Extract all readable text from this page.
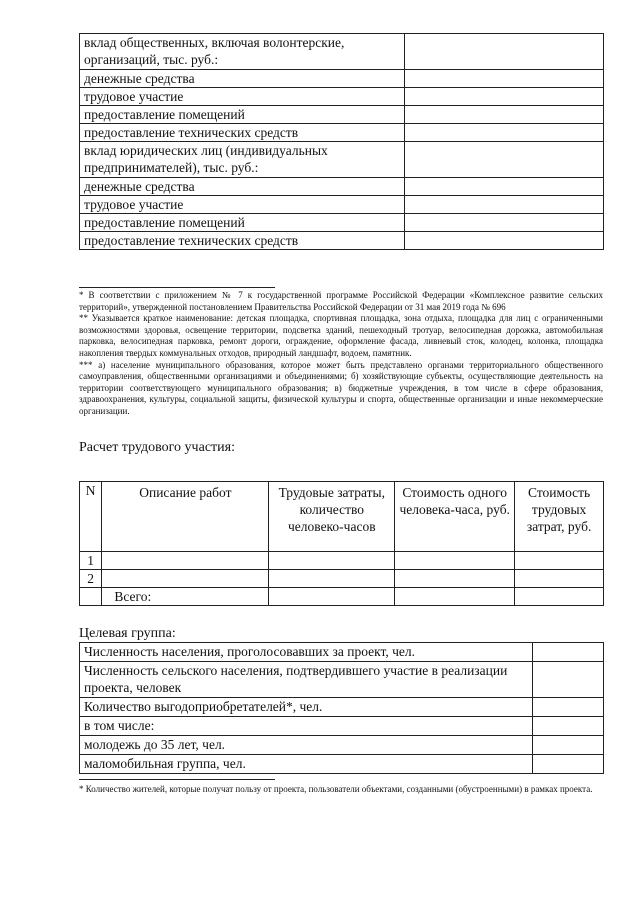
вклад общественных, включая волонтерские, организаций, тыс. руб.:	
денежные средства	
трудовое участие	
предоставление помещений	
предоставление технических средств	
вклад юридических лиц (индивидуальных предпринимателей), тыс. руб.:	
денежные средства	
трудовое участие	
предоставление помещений	
предоставление технических средств	

* В соответствии с приложением № 7 к государственной программе Российской Федерации «Комплексное развитие сельских территорий», утвержденной постановлением Правительства Российской Федерации от 31 мая 2019 года № 696

** Указывается краткое наименование: детская площадка, спортивная площадка, зона отдыха, площадка для лиц с ограниченными возможностями здоровья, освещение территории, подсветка зданий, пешеходный тротуар, велосипедная дорожка, автомобильная парковка, велосипедная парковка, ремонт дороги, ограждение, оформление фасада, ливневый сток, колодец, колонка, площадка накопления твердых коммунальных отходов, природный ландшафт, водоем, памятник.

*** а) население муниципального образования, которое может быть представлено органами территориального общественного самоуправления, общественными организациями и объединениями; б) хозяйствующие субъекты, осуществляющие деятельность на территории соответствующего муниципального образования; в) бюджетные учреждения, в том числе в сфере образования, здравоохранения, культуры, социальной защиты, физической культуры и спорта, общественные организации и иные некоммерческие организации.

Расчет трудового участия:
N	Описание работ	Трудовые затраты, количество человеко-часов	Стоимость одного человека-часа, руб.	Стоимость трудовых затрат, руб.
1				
2				
	Всего:			
Целевая группа:
Численность населения, проголосовавших за проект, чел.	
Численность сельского населения, подтвердившего участие в реализации проекта, человек	
Количество выгодоприобретателей*, чел.	
в том числе:	
молодежь до 35 лет, чел.	
маломобильная группа, чел.	

* Количество жителей, которые получат пользу от проекта, пользователи объектами, созданными (обустроенными) в рамках проекта.
